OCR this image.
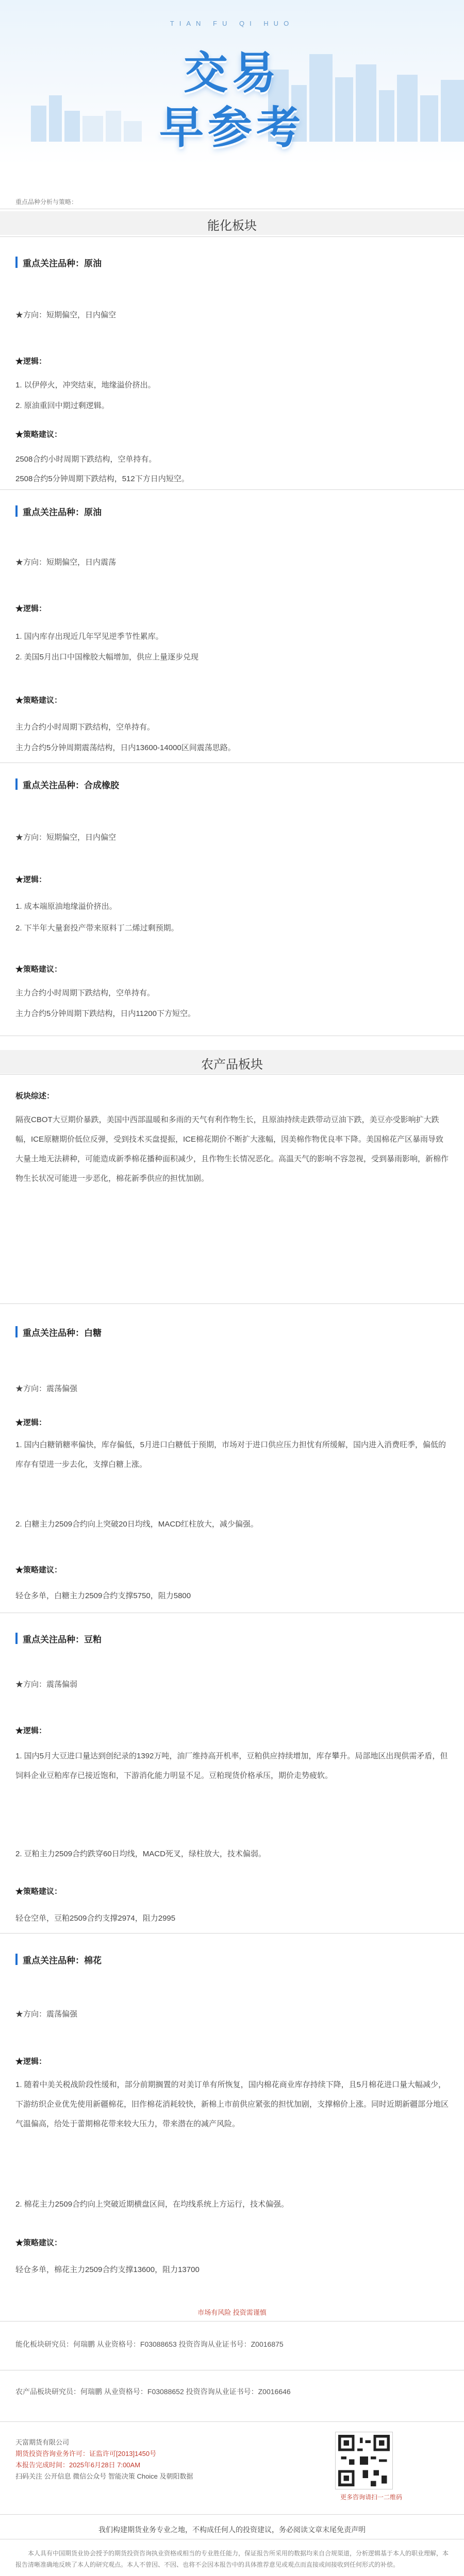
TIAN FU QI HUO
交易
早参考
重点品种分析与策略：
能化板块
重点关注品种：原油
★方向：短期偏空，日内偏空
★逻辑：
1. 以伊停火，冲突结束，地缘溢价挤出。
2. 原油重回中期过剩逻辑。
★策略建议：
2508合约小时周期下跌结构，空单持有。
2508合约5分钟周期下跌结构，512下方日内短空。
重点关注品种：原油
★方向：短期偏空，日内震荡
★逻辑：
1. 国内库存出现近几年罕见逆季节性累库。
2. 美国5月出口中国橡胶大幅增加，供应上量逐步兑现
★策略建议：
主力合约小时周期下跌结构，空单持有。
主力合约5分钟周期震荡结构，日内13600-14000区间震荡思路。
重点关注品种：合成橡胶
★方向：短期偏空，日内偏空
★逻辑：
1. 成本端原油地缘溢价挤出。
2. 下半年大量套投产带来原料丁二烯过剩预期。
★策略建议：
主力合约小时周期下跌结构，空单持有。
主力合约5分钟周期下跌结构，日内11200下方短空。
农产品板块
板块综述：
隔夜CBOT大豆期价暴跌，美国中西部温暖和多雨的天气有利作物生长，且原油持续走跌带动豆油下跌，美豆亦受影响扩大跌幅，ICE原糖期价低位反弹，受到技术买盘提振，ICE棉花期价不断扩大涨幅，因美棉作物优良率下降。美国棉花产区暴雨导致大量土地无法耕种，可能造成新季棉花播种面积减少，且作物生长情况恶化。高温天气的影响不容忽视，受到暴雨影响，新棉作物生长状况可能进一步恶化，棉花新季供应的担忧加剧。
重点关注品种：白糖
★方向：震荡偏强
★逻辑：
1. 国内白糖销糖率偏快，库存偏低，5月进口白糖低于预期，市场对于进口供应压力担忧有所缓解，国内进入消费旺季，偏低的库存有望进一步去化，支撑白糖上涨。
2. 白糖主力2509合约向上突破20日均线，MACD红柱放大，减少偏强。
★策略建议：
轻仓多单，白糖主力2509合约支撑5750，阻力5800
重点关注品种：豆粕
★方向：震荡偏弱
★逻辑：
1. 国内5月大豆进口量达到创纪录的1392万吨，油厂维持高开机率，豆粕供应持续增加，库存攀升。局部地区出现供需矛盾，但饲料企业豆粕库存已接近饱和，下游消化能力明显不足。豆粕现货价格承压，期价走势疲软。
2. 豆粕主力2509合约跌穿60日均线，MACD死叉，绿柱放大，技术偏弱。
★策略建议：
轻仓空单，豆粕2509合约支撑2974，阻力2995
重点关注品种：棉花
★方向：震荡偏强
★逻辑：
1. 随着中美关税战阶段性缓和，部分前期搁置的对美订单有所恢复，国内棉花商业库存持续下降，且5月棉花进口量大幅减少，下游纺织企业优先使用新疆棉花，旧作棉花消耗较快，新棉上市前供应紧张的担忧加剧，支撑棉价上涨。同时近期新疆部分地区气温偏高，给处于蕾期棉花带来较大压力，带来潜在的减产风险。
2. 棉花主力2509合约向上突破近期横盘区间，在均线系统上方运行，技术偏强。
★策略建议：
轻仓多单，棉花主力2509合约支撑13600，阻力13700
市场有风险 投资需谨慎
能化板块研究员：何瑞鹏 从业资格号：F03088653 投资咨询从业证书号：Z0016875
农产品板块研究员：何瑞鹏 从业资格号：F03088652 投资咨询从业证书号：Z0016646
天富期货有限公司
期货投资咨询业务许可：证监许可[2013]1450号
本报告完成时间：2025年6月28日 7:00AM
扫码关注 公开信息 微信公众号 智能决策 Choice 及朝阳数据
更多咨询请扫一二维码
我们构建期货业务专业之地，不构成任何人的投资建议，务必阅读文章末尾免责声明
本人具有中国期货业协会授予的期货投资咨询执业资格或相当的专业胜任能力，保证报告所采用的数据均来自合规渠道，分析逻辑基于本人的职业理解，本报告清晰准确地反映了本人的研究观点。本人不曾因、不因、也将不会因本报告中的具体推荐意见或观点而直接或间接收到任何形式的补偿。
